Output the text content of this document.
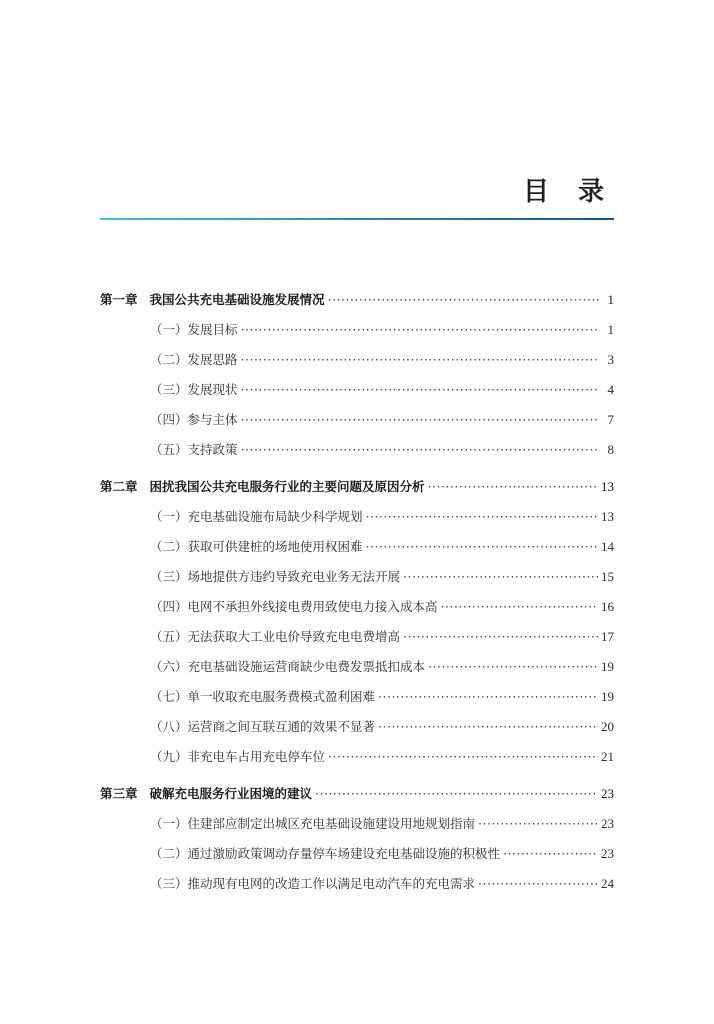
目 录
第一章 我国公共充电基础设施发展情况 ·····	1
（一） 发展目标 ·····	1
（二） 发展思路 ·····	3
（三） 发展现状 ·····	4
（四） 参与主体 ·····	7
（五） 支持政策 ·····	8
第二章 困扰我国公共充电服务行业的主要问题及原因分析 ·····	13
（一） 充电基础设施布局缺少科学规划 ·····	13
（二） 获取可供建桩的场地使用权困难 ·····	14
（三） 场地提供方违约导致充电业务无法开展 ·····	15
（四） 电网不承担外线接电费用致使电力接入成本高 ·····	16
（五） 无法获取大工业电价导致充电电费增高 ·····	17
（六） 充电基础设施运营商缺少电费发票抵扣成本 ·····	19
（七） 单一收取充电服务费模式盈利困难 ·····	19
（八） 运营商之间互联互通的效果不显著 ·····	20
（九） 非充电车占用充电停车位 ·····	21
第三章 破解充电服务行业困境的建议 ·····	23
（一） 住建部应制定出城区充电基础设施建设用地规划指南 ·····	23
（二） 通过激励政策调动存量停车场建设充电基础设施的积极性 ·····	23
（三） 推动现有电网的改造工作以满足电动汽车的充电需求 ·····	24
